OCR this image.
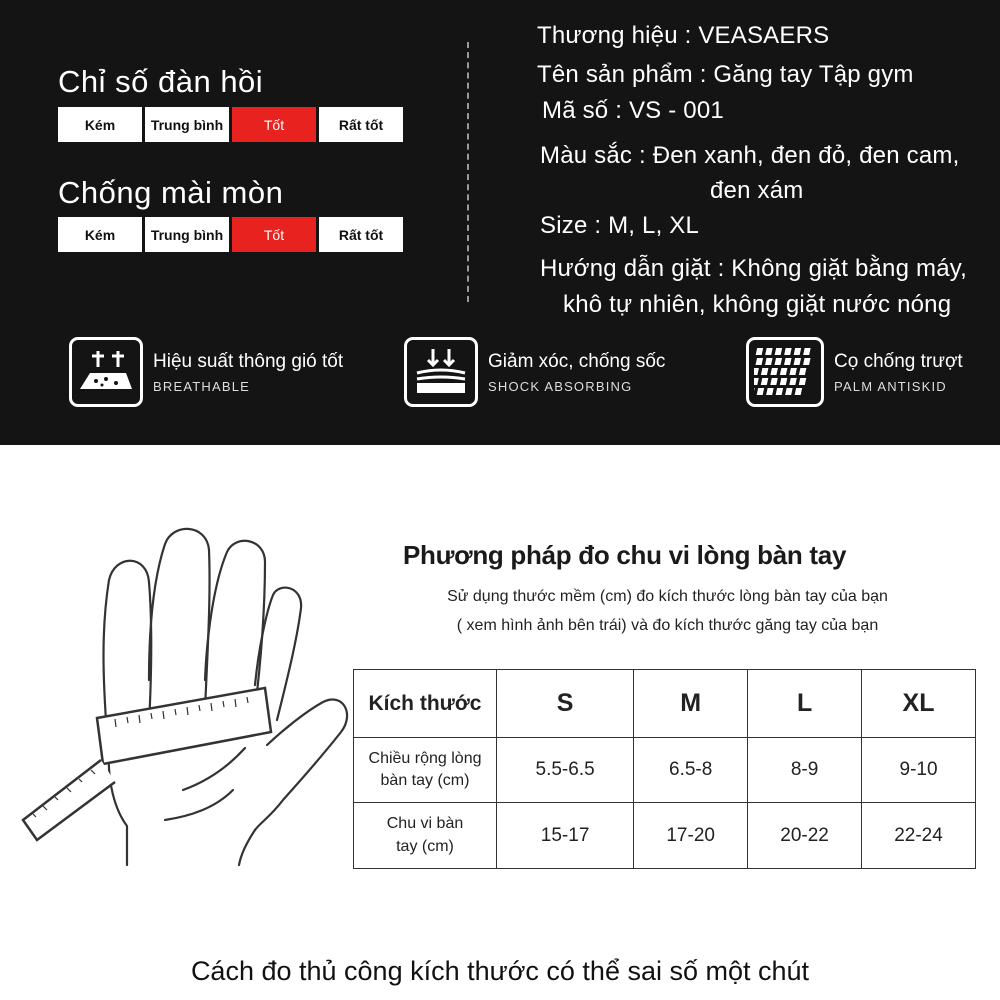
Chỉ số đàn hồi
Kém	Trung bình	Tốt	Rất tốt
Chống mài mòn
Kém	Trung bình	Tốt	Rất tốt
Thương hiệu : VEASAERS
Tên sản phẩm : Găng tay Tập gym
Mã số : VS - 001
Màu sắc : Đen xanh, đen đỏ, đen cam,
đen xám
Size : M, L, XL
Hướng dẫn giặt : Không giặt bằng máy,
khô tự nhiên, không giặt nước nóng
Hiệu suất thông gió tốt
BREATHABLE
Giảm xóc, chống sốc
SHOCK ABSORBING
Cọ chống trượt
PALM ANTISKID
Phương pháp đo chu vi lòng bàn tay
Sử dụng thước mềm (cm) đo kích thước lòng bàn tay của bạn
( xem hình ảnh bên trái) và đo kích thước găng tay của bạn
Kích thước	S	M	L	XL
Chiều rộng lòng
bàn tay (cm)	5.5-6.5	6.5-8	8-9	9-10
Chu vi bàn
tay (cm)	15-17	17-20	20-22	22-24
Cách đo thủ công kích thước có thể sai số một chút
